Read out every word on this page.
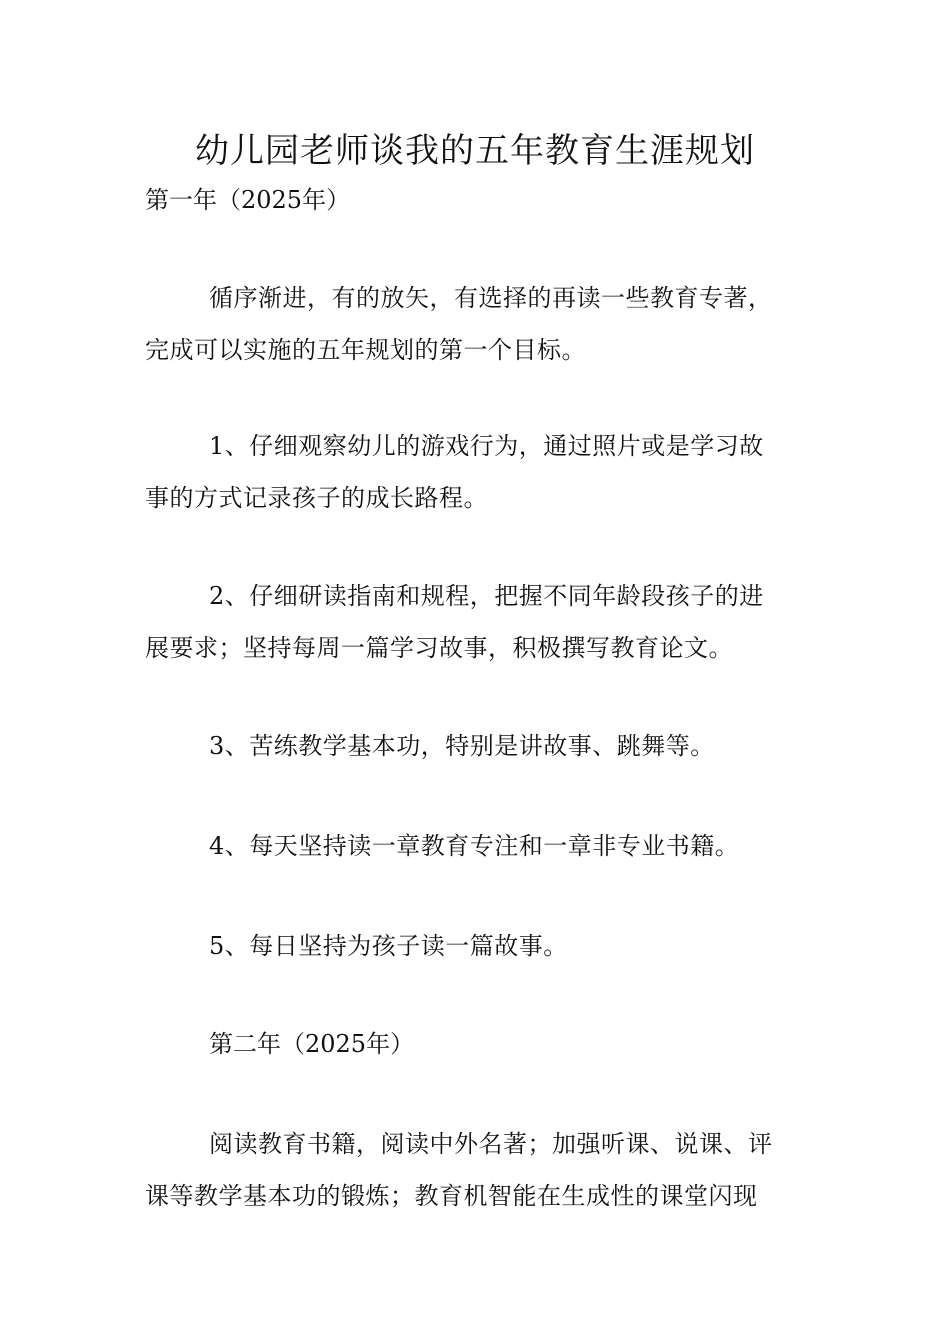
幼儿园老师谈我的五年教育生涯规划

第一年（2025年）

循序渐进，有的放矢，有选择的再读一些教育专著，
完成可以实施的五年规划的第一个目标。

1、仔细观察幼儿的游戏行为，通过照片或是学习故
事的方式记录孩子的成长路程。

2、仔细研读指南和规程，把握不同年龄段孩子的进
展要求；坚持每周一篇学习故事，积极撰写教育论文。

3、苦练教学基本功，特别是讲故事、跳舞等。

4、每天坚持读一章教育专注和一章非专业书籍。

5、每日坚持为孩子读一篇故事。

第二年（2025年）

阅读教育书籍，阅读中外名著；加强听课、说课、评
课等教学基本功的锻炼；教育机智能在生成性的课堂闪现
